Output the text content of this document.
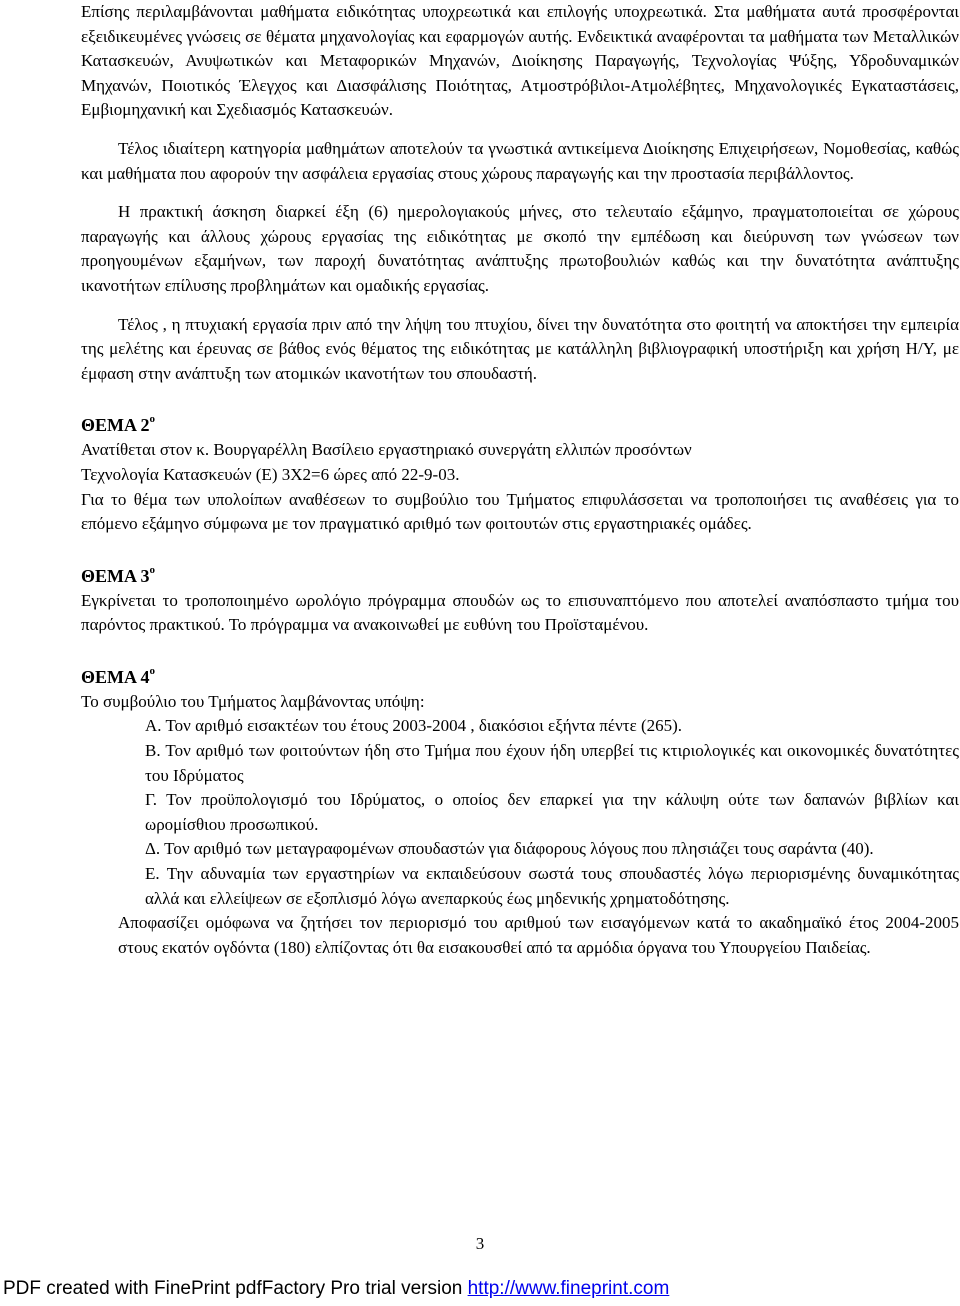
Επίσης περιλαμβάνονται μαθήματα ειδικότητας υποχρεωτικά και επιλογής υποχρεωτικά. Στα μαθήματα αυτά προσφέρονται εξειδικευμένες γνώσεις σε θέματα μηχανολογίας και εφαρμογών αυτής. Ενδεικτικά αναφέρονται τα μαθήματα των Μεταλλικών Κατασκευών, Ανυψωτικών και Μεταφορικών Μηχανών, Διοίκησης Παραγωγής, Τεχνολογίας Ψύξης, Υδροδυναμικών Μηχανών, Ποιοτικός Έλεγχος και Διασφάλισης Ποιότητας, Ατμοστρόβιλοι-Ατμολέβητες, Μηχανολογικές Εγκαταστάσεις, Εμβιομηχανική και Σχεδιασμός Κατασκευών.

Τέλος ιδιαίτερη κατηγορία μαθημάτων αποτελούν τα γνωστικά αντικείμενα Διοίκησης Επιχειρήσεων, Νομοθεσίας, καθώς και μαθήματα που αφορούν την ασφάλεια εργασίας στους χώρους παραγωγής και την προστασία περιβάλλοντος.

Η πρακτική άσκηση διαρκεί έξη (6) ημερολογιακούς μήνες, στο τελευταίο εξάμηνο, πραγματοποιείται σε χώρους παραγωγής και άλλους χώρους εργασίας της ειδικότητας με σκοπό την εμπέδωση και διεύρυνση των γνώσεων των προηγουμένων εξαμήνων, των παροχή δυνατότητας ανάπτυξης πρωτοβουλιών καθώς και την δυνατότητα ανάπτυξης ικανοτήτων επίλυσης προβλημάτων και ομαδικής εργασίας.

Τέλος , η πτυχιακή εργασία πριν από την λήψη του πτυχίου, δίνει την δυνατότητα στο φοιτητή να αποκτήσει την εμπειρία της μελέτης και έρευνας σε βάθος ενός θέματος της ειδικότητας με κατάλληλη βιβλιογραφική υποστήριξη και χρήση Η/Υ, με έμφαση στην ανάπτυξη των ατομικών ικανοτήτων του σπουδαστή.

ΘΕΜΑ $2^o$

Ανατίθεται στον κ. Βουργαρέλλη Βασίλειο εργαστηριακό συνεργάτη ελλιπών προσόντων

Τεχνολογία Κατασκευών (Ε) 3Χ2=6 ώρες από 22-9-03.

Για το θέμα των υπολοίπων αναθέσεων το συμβούλιο του Τμήματος επιφυλάσσεται να τροποποιήσει τις αναθέσεις για το επόμενο εξάμηνο σύμφωνα με τον πραγματικό αριθμό των φοιτουτών στις εργαστηριακές ομάδες.

ΘΕΜΑ $3^o$

Εγκρίνεται το τροποποιημένο ωρολόγιο πρόγραμμα σπουδών ως το επισυναπτόμενο που αποτελεί αναπόσπαστο τμήμα του παρόντος πρακτικού. Το πρόγραμμα να ανακοινωθεί με ευθύνη του Προϊσταμένου.

ΘΕΜΑ $4^o$

Το συμβούλιο του Τμήματος λαμβάνοντας υπόψη:

Α. Τον αριθμό εισακτέων του έτους 2003-2004 , διακόσιοι εξήντα πέντε (265).

Β. Τον αριθμό των φοιτούντων ήδη στο Τμήμα που έχουν ήδη υπερβεί τις κτιριολογικές και οικονομικές δυνατότητες του Ιδρύματος

Γ. Τον προϋπολογισμό του Ιδρύματος, ο οποίος δεν επαρκεί για την κάλυψη ούτε των δαπανών βιβλίων και ωρομίσθιου προσωπικού.

Δ. Τον αριθμό των μεταγραφομένων σπουδαστών για διάφορους λόγους που πλησιάζει τους σαράντα (40).

Ε. Την αδυναμία των εργαστηρίων να εκπαιδεύσουν σωστά τους σπουδαστές λόγω περιορισμένης δυναμικότητας αλλά και ελλείψεων σε εξοπλισμό λόγω ανεπαρκούς έως μηδενικής χρηματοδότησης.

Αποφασίζει ομόφωνα να ζητήσει τον περιορισμό του αριθμού των εισαγόμενων κατά το ακαδημαϊκό έτος 2004-2005 στους εκατόν ογδόντα (180) ελπίζοντας ότι θα εισακουσθεί από τα αρμόδια όργανα του Υπουργείου Παιδείας.

3
PDF created with FinePrint pdfFactory Pro trial version http://www.fineprint.com
